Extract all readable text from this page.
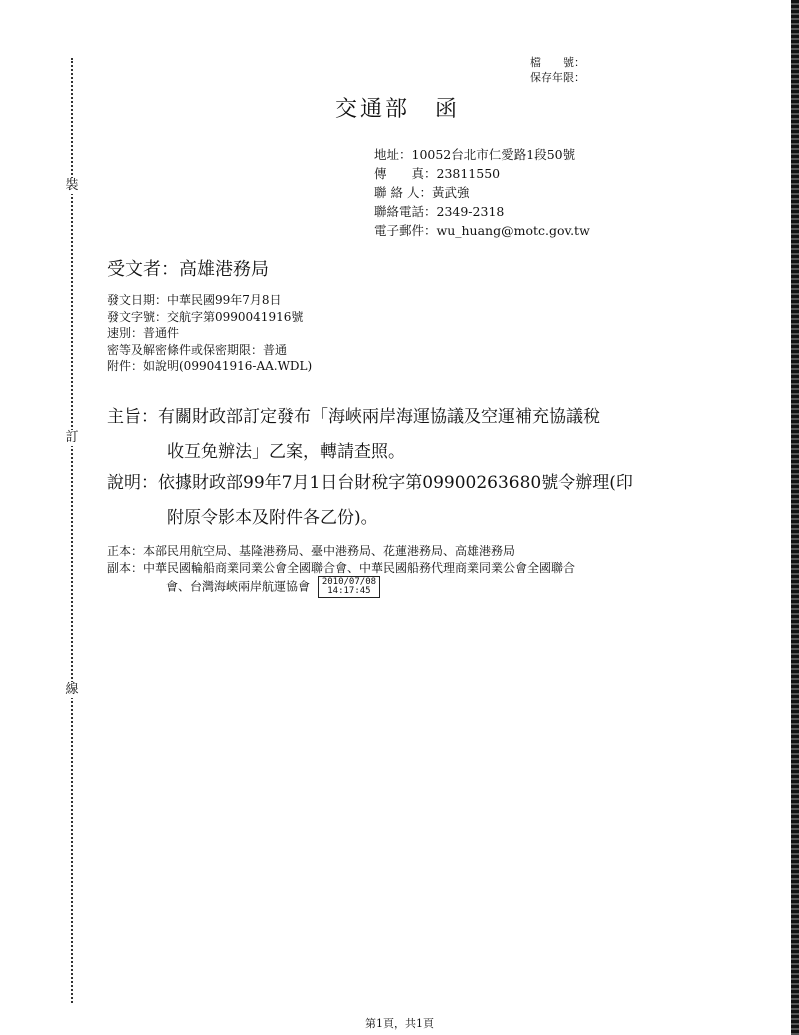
裝
訂
線
檔　　號：
保存年限：
交通部　函
地址：10052台北市仁愛路1段50號
傳　　真：23811550
聯 絡 人：黃武強
聯絡電話：2349-2318
電子郵件：wu_huang@motc.gov.tw
受文者：高雄港務局
發文日期：中華民國99年7月8日
發文字號：交航字第0990041916號
速別：普通件
密等及解密條件或保密期限：普通
附件：如說明(099041916-AA.WDL)
主旨：有關財政部訂定發布「海峽兩岸海運協議及空運補充協議稅
收互免辦法」乙案，轉請查照。
說明：依據財政部99年7月1日台財稅字第09900263680號令辦理(印
附原令影本及附件各乙份)。
正本：本部民用航空局、基隆港務局、臺中港務局、花蓮港務局、高雄港務局
副本：中華民國輪船商業同業公會全國聯合會、中華民國船務代理商業同業公會全國聯合
會、台灣海峽兩岸航運協會 2010/07/08
14:17:45
第1頁，共1頁
